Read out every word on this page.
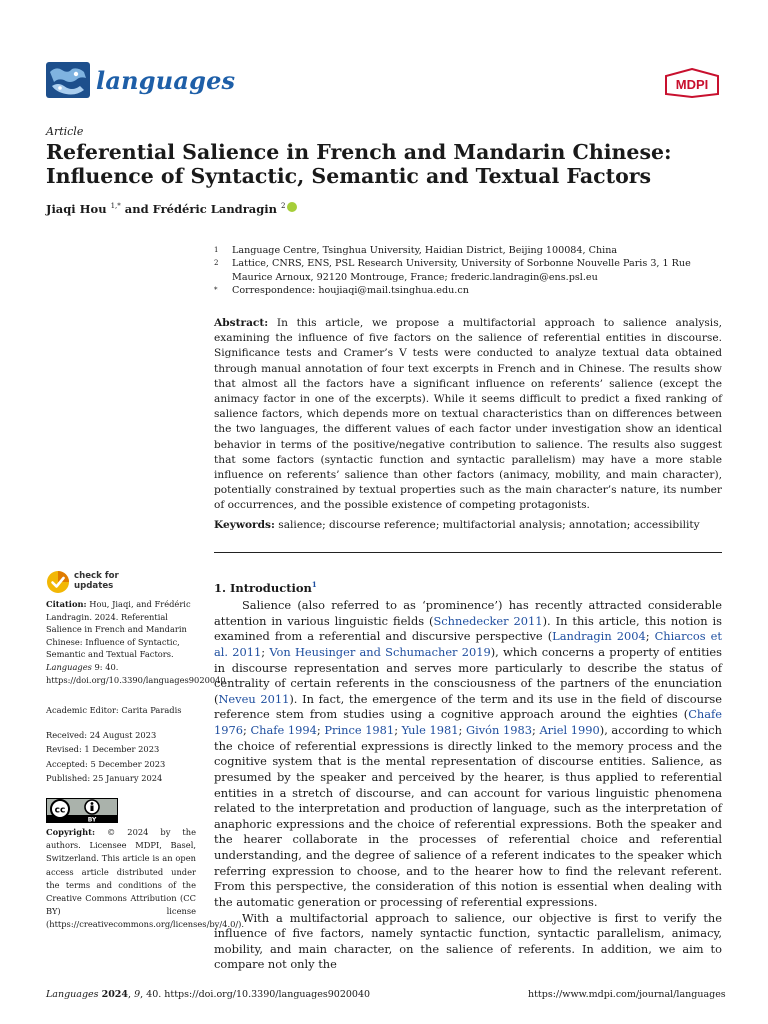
languages	MDPI
Article
Referential Salience in French and Mandarin Chinese:
Influence of Syntactic, Semantic and Textual Factors
Jiaqi Hou $^{1,*}$ and Frédéric Landragin $^2$
1	Language Centre, Tsinghua University, Haidian District, Beijing 100084, China
2	Lattice, CNRS, ENS, PSL Research University, University of Sorbonne Nouvelle Paris 3, 1 Rue Maurice Arnoux, 92120 Montrouge, France; frederic.landragin@ens.psl.eu
*	Correspondence: houjiaqi@mail.tsinghua.edu.cn

Abstract: In this article, we propose a multifactorial approach to salience analysis, examining the influence of five factors on the salience of referential entities in discourse. Significance tests and Cramer’s V tests were conducted to analyze textual data obtained through manual annotation of four text excerpts in French and in Chinese. The results show that almost all the factors have a significant influence on referents’ salience (except the animacy factor in one of the excerpts). While it seems difficult to predict a fixed ranking of salience factors, which depends more on textual characteristics than on differences between the two languages, the different values of each factor under investigation show an identical behavior in terms of the positive/negative contribution to salience. The results also suggest that some factors (syntactic function and syntactic parallelism) may have a more stable influence on referents’ salience than other factors (animacy, mobility, and main character), potentially constrained by textual properties such as the main character’s nature, its number of occurrences, and the possible existence of competing protagonists.

Keywords: salience; discourse reference; multifactorial analysis; annotation; accessibility
check for
updates
Citation: Hou, Jiaqi, and Frédéric Landragin. 2024. Referential Salience in French and Mandarin Chinese: Influence of Syntactic, Semantic and Textual Factors. Languages 9: 40. https://doi.org/10.3390/languages9020040
Academic Editor: Carita Paradis
Received: 24 August 2023
Revised: 1 December 2023
Accepted: 5 December 2023
Published: 25 January 2024
cc
BY
Copyright: © 2024 by the authors. Licensee MDPI, Basel, Switzerland. This article is an open access article distributed under the terms and conditions of the Creative Commons Attribution (CC BY) license (https://creativecommons.org/licenses/by/4.0/).
1. Introduction$^1$

Salience (also referred to as ‘prominence’) has recently attracted considerable attention in various linguistic fields (Schnedecker 2011). In this article, this notion is examined from a referential and discursive perspective (Landragin 2004; Chiarcos et al. 2011; Von Heusinger and Schumacher 2019), which concerns a property of entities in discourse representation and serves more particularly to describe the status of centrality of certain referents in the consciousness of the partners of the enunciation (Neveu 2011). In fact, the emergence of the term and its use in the field of discourse reference stem from studies using a cognitive approach around the eighties (Chafe 1976; Chafe 1994; Prince 1981; Yule 1981; Givón 1983; Ariel 1990), according to which the choice of referential expressions is directly linked to the memory process and the cognitive system that is the mental representation of discourse entities. Salience, as presumed by the speaker and perceived by the hearer, is thus applied to referential entities in a stretch of discourse, and can account for various linguistic phenomena related to the interpretation and production of language, such as the interpretation of anaphoric expressions and the choice of referential expressions. Both the speaker and the hearer collaborate in the processes of referential choice and referential understanding, and the degree of salience of a referent indicates to the speaker which referring expression to choose, and to the hearer how to find the relevant referent. From this perspective, the consideration of this notion is essential when dealing with the automatic generation or processing of referential expressions.

With a multifactorial approach to salience, our objective is first to verify the influence of five factors, namely syntactic function, syntactic parallelism, animacy, mobility, and main character, on the salience of referents. In addition, we aim to compare not only the

Languages 2024, 9, 40. https://doi.org/10.3390/languages9020040	https://www.mdpi.com/journal/languages
